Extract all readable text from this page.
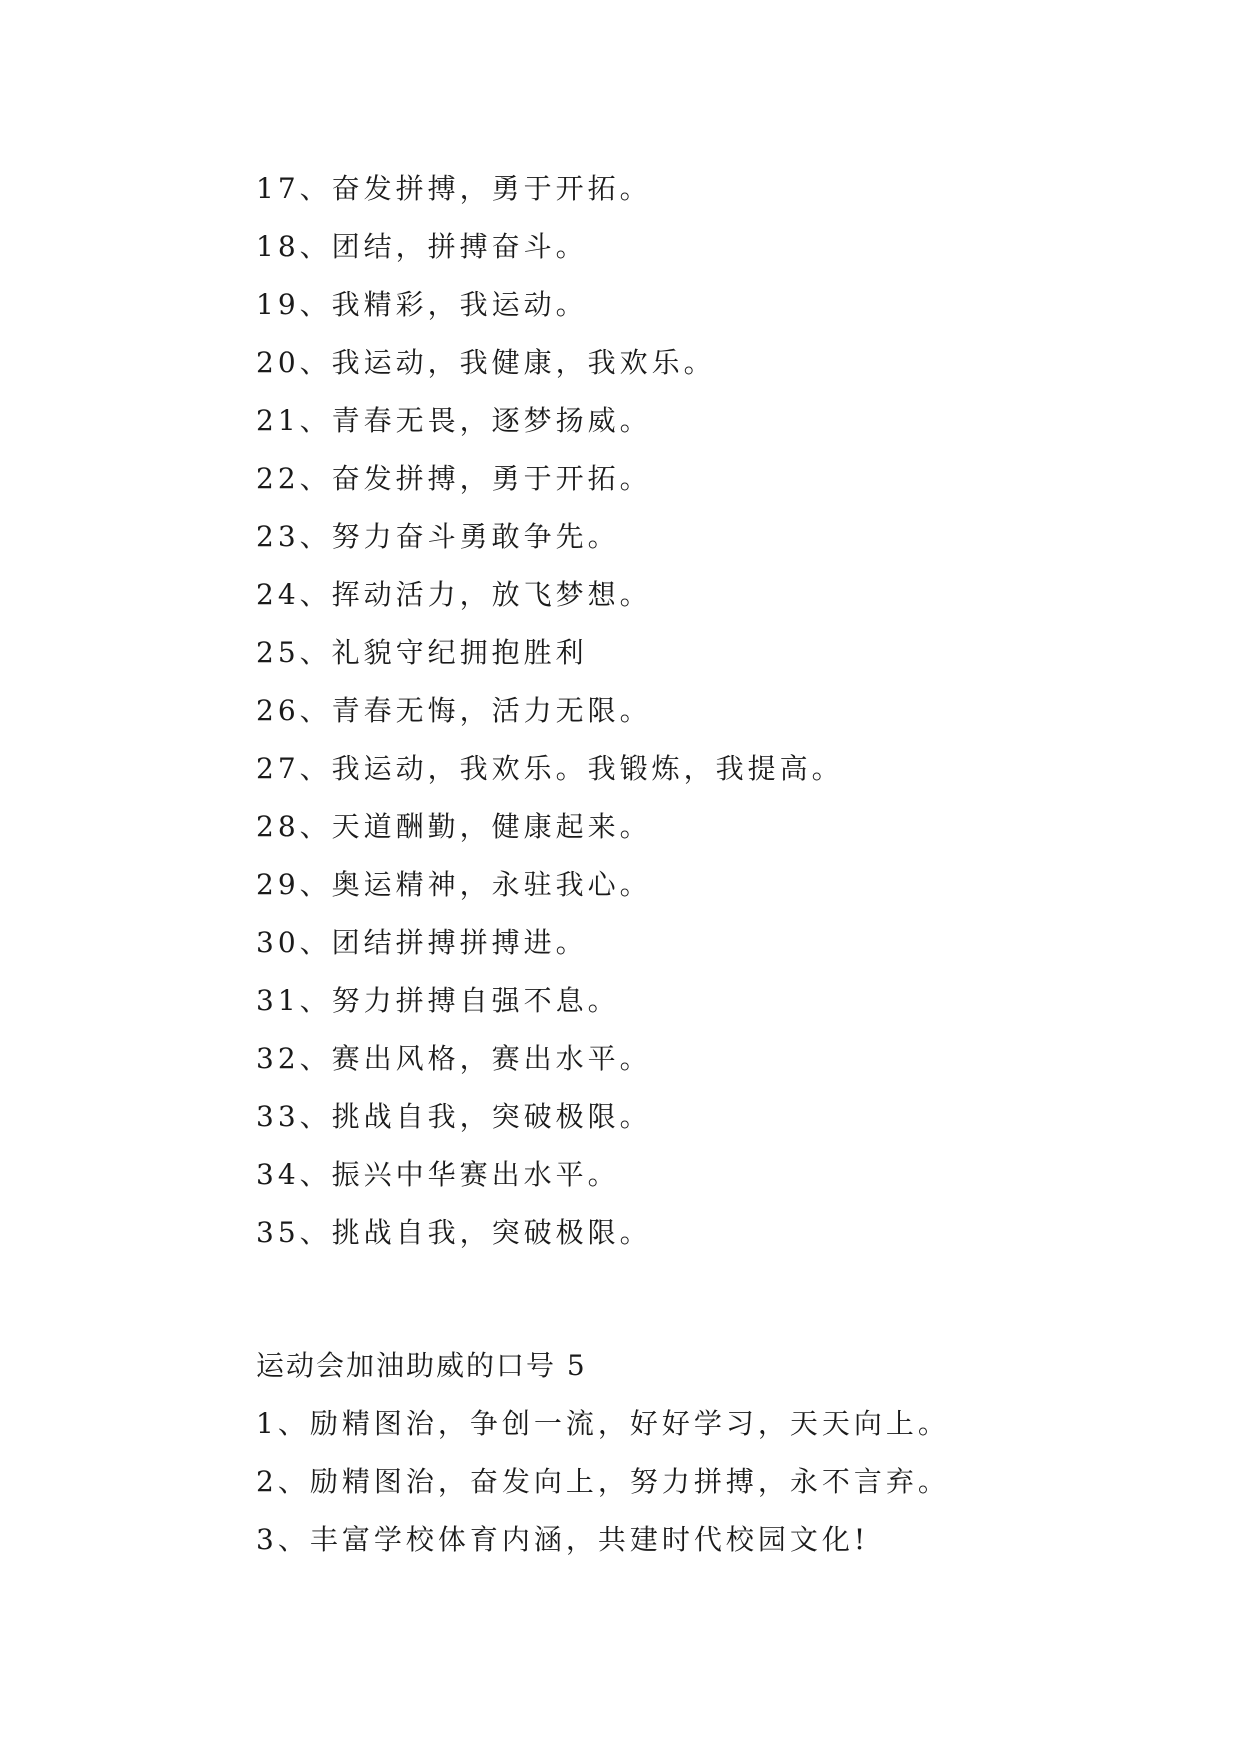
17、奋发拼搏，勇于开拓。
18、团结，拼搏奋斗。
19、我精彩，我运动。
20、我运动，我健康，我欢乐。
21、青春无畏，逐梦扬威。
22、奋发拼搏，勇于开拓。
23、努力奋斗勇敢争先。
24、挥动活力，放飞梦想。
25、礼貌守纪拥抱胜利
26、青春无悔，活力无限。
27、我运动，我欢乐。我锻炼，我提高。
28、天道酬勤，健康起来。
29、奥运精神，永驻我心。
30、团结拼搏拼搏进。
31、努力拼搏自强不息。
32、赛出风格，赛出水平。
33、挑战自我，突破极限。
34、振兴中华赛出水平。
35、挑战自我，突破极限。
运动会加油助威的口号 5
1、励精图治，争创一流，好好学习，天天向上。
2、励精图治，奋发向上，努力拼搏，永不言弃。
3、丰富学校体育内涵，共建时代校园文化!
